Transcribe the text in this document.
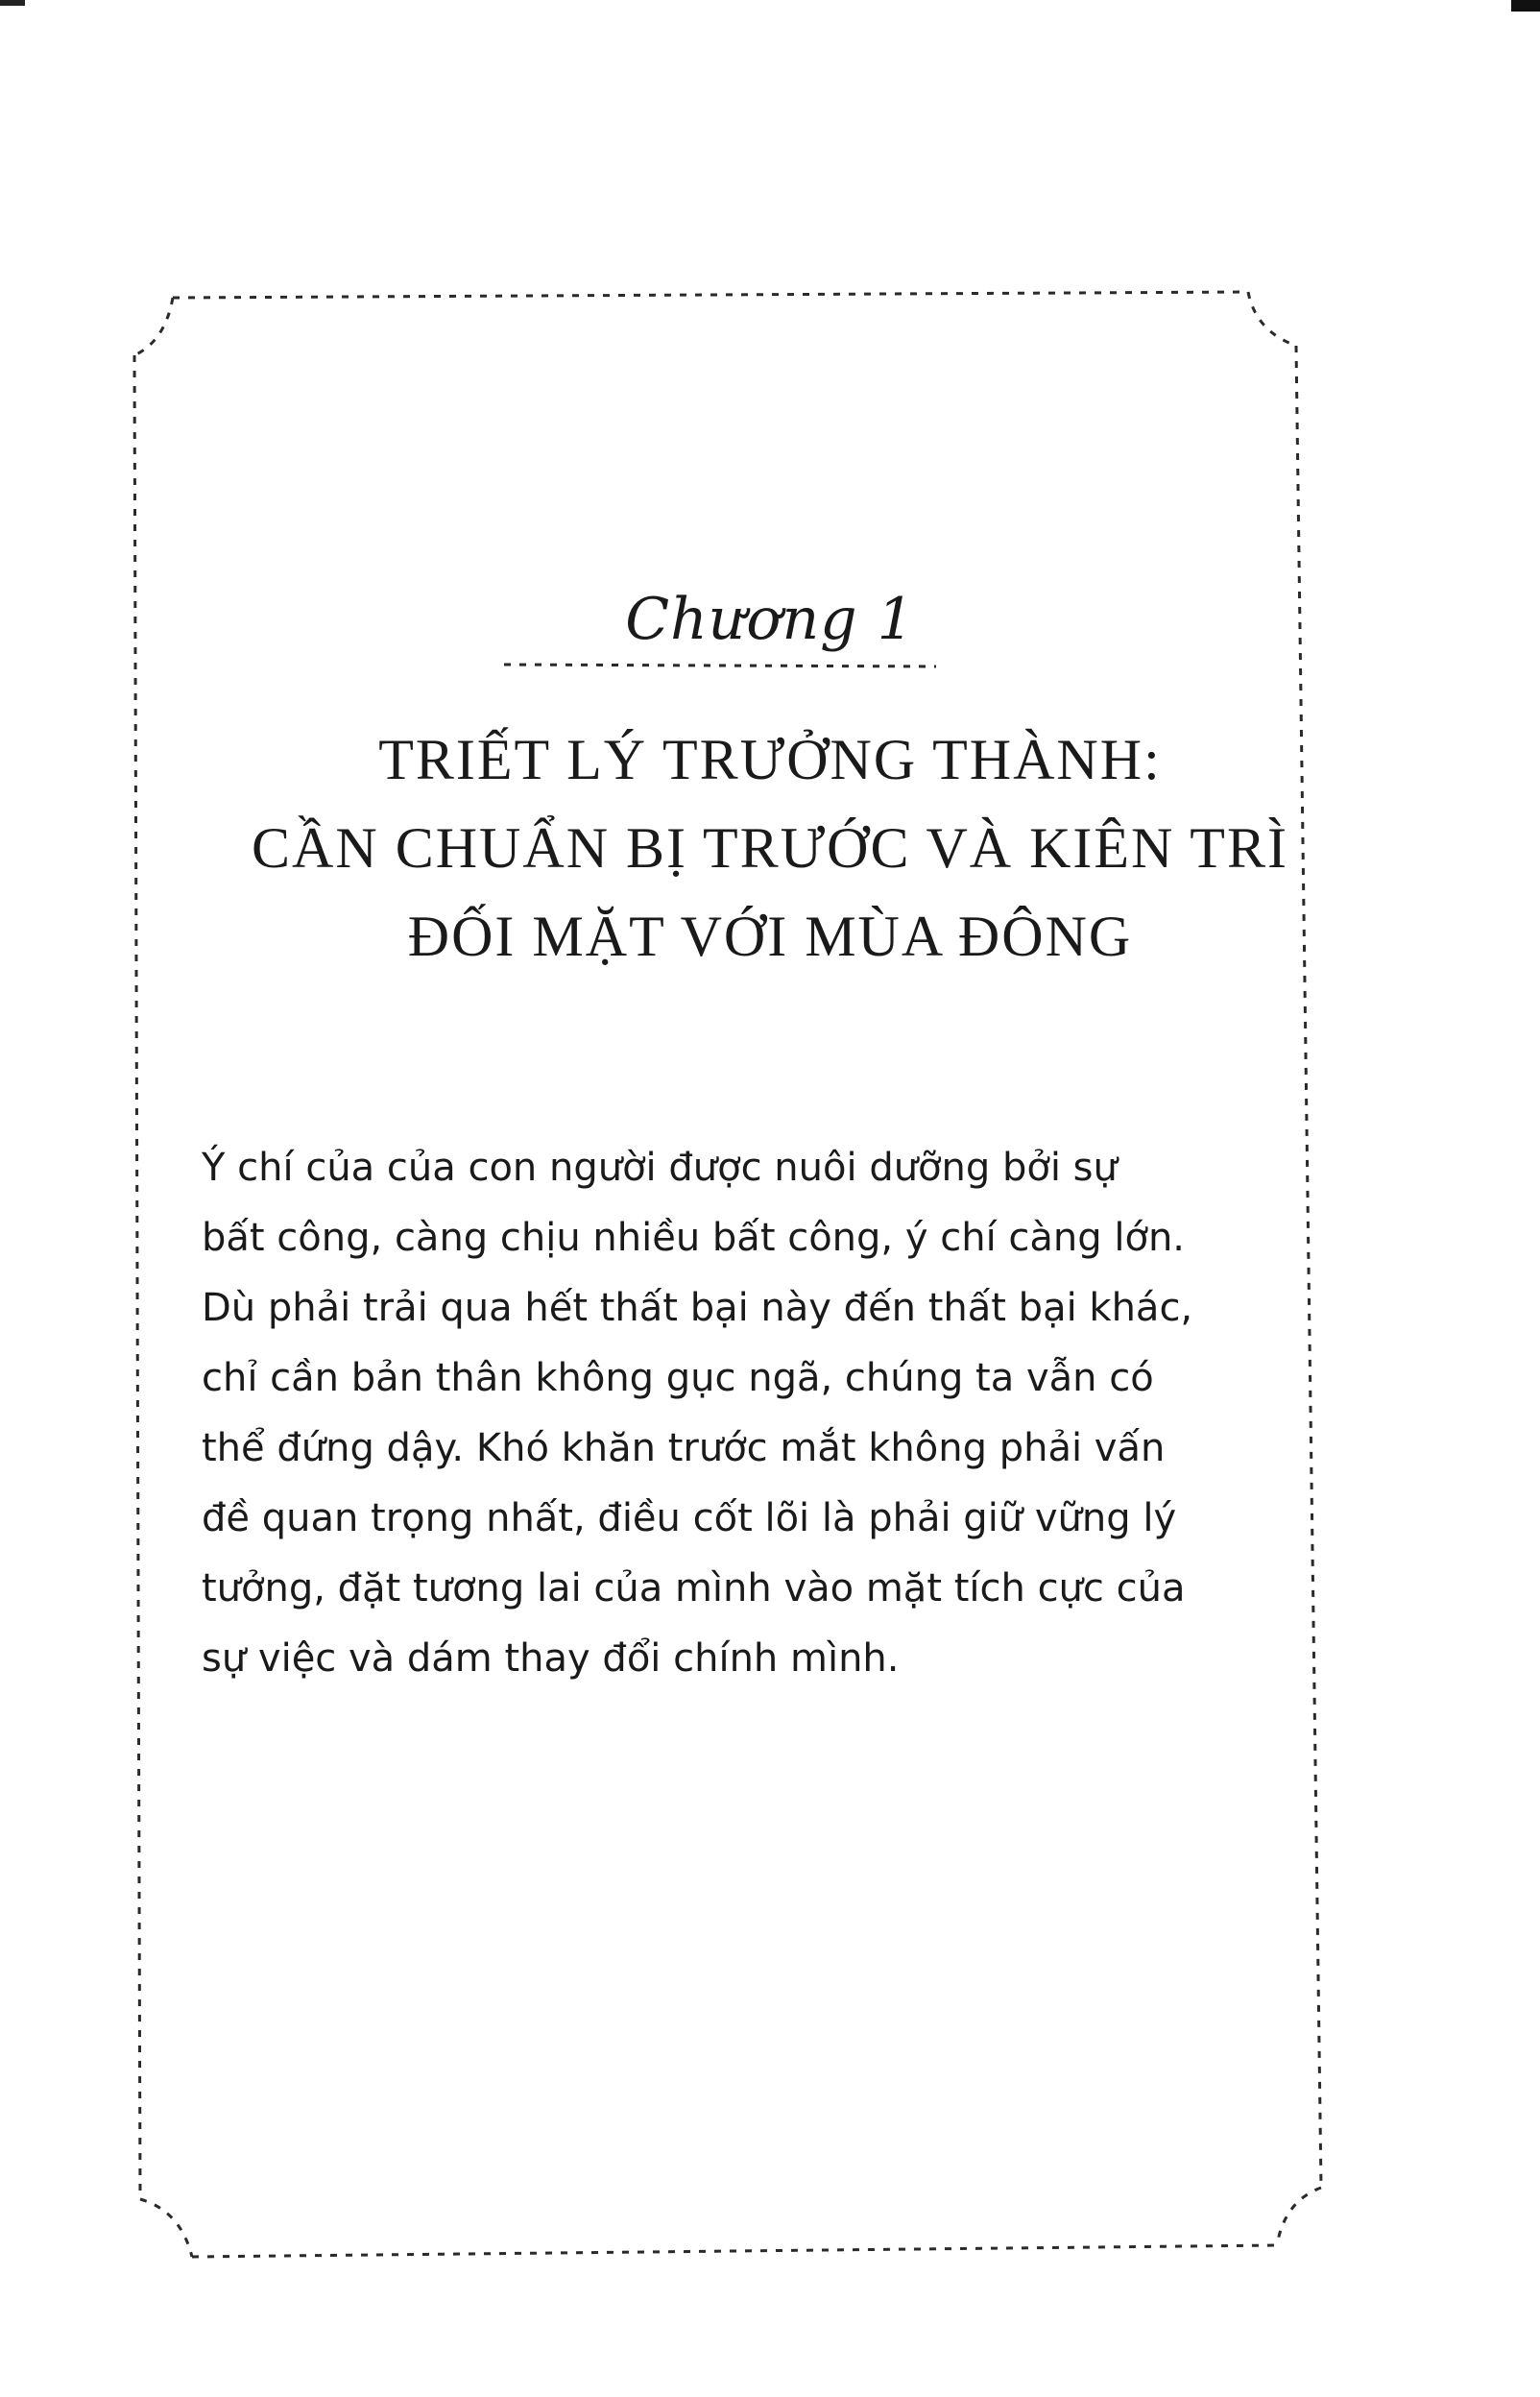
Chương 1
TRIẾT LÝ TRƯỞNG THÀNH:
CẦN CHUẨN BỊ TRƯỚC VÀ KIÊN TRÌ
ĐỐI MẶT VỚI MÙA ĐÔNG
Ý chí của của con người được nuôi dưỡng bởi sự
bất công, càng chịu nhiều bất công, ý chí càng lớn.
Dù phải trải qua hết thất bại này đến thất bại khác,
chỉ cần bản thân không gục ngã, chúng ta vẫn có
thể đứng dậy. Khó khăn trước mắt không phải vấn
đề quan trọng nhất, điều cốt lõi là phải giữ vững lý
tưởng, đặt tương lai của mình vào mặt tích cực của
sự việc và dám thay đổi chính mình.
